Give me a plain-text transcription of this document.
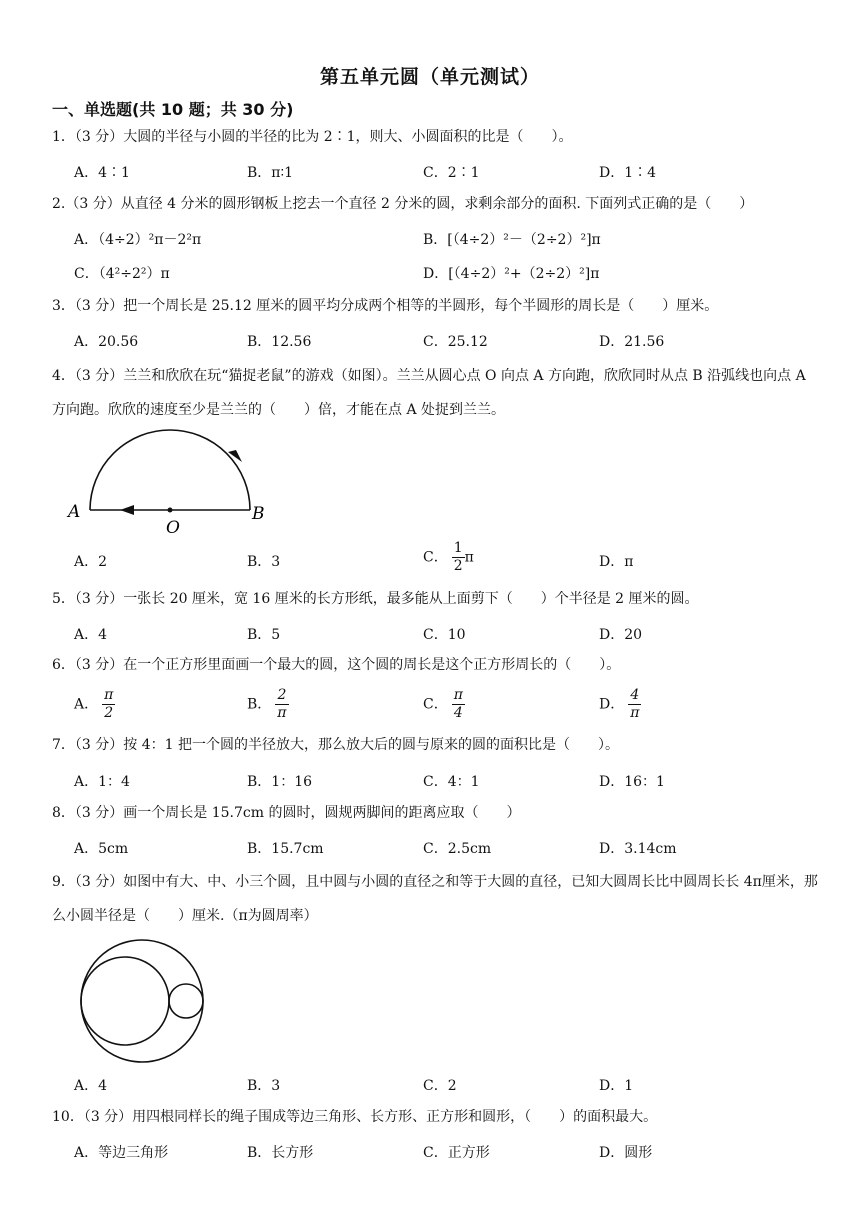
第五单元圆（单元测试）
一、单选题(共 10 题；共 30 分)
1．（3 分）大圆的半径与小圆的半径的比为 2∶1，则大、小圆面积的比是（　　）。
A．4∶1	B．π∶1	C．2∶1	D．1∶4
2.（3 分）从直径 4 分米的圆形钢板上挖去一个直径 2 分米的圆，求剩余部分的面积. 下面列式正确的是（　　）
A．（4÷2）²π－2²π	B．[（4÷2）²－（2÷2）²]π
C．（4²÷2²）π	D．[（4÷2）²+（2÷2）²]π
3．（3 分）把一个周长是 25.12 厘米的圆平均分成两个相等的半圆形，每个半圆形的周长是（　　）厘米。
A．20.56	B．12.56	C．25.12	D．21.56
4．（3 分）兰兰和欣欣在玩“猫捉老鼠”的游戏（如图）。兰兰从圆心点 O 向点 A 方向跑，欣欣同时从点 B 沿弧线也向点 A 方向跑。欣欣的速度至少是兰兰的（　　）倍，才能在点 A 处捉到兰兰。
A
O
B
A．2	B．3	C． $\frac{1}{2}$ π	D．π
5．（3 分）一张长 20 厘米，宽 16 厘米的长方形纸，最多能从上面剪下（　　）个半径是 2 厘米的圆。
A．4	B．5	C．10	D．20
6．（3 分）在一个正方形里面画一个最大的圆，这个圆的周长是这个正方形周长的（　　）。
A． $\frac{\pi}{2}$	B． $\frac{2}{\pi}$	C． $\frac{\pi}{4}$	D． $\frac{4}{\pi}$
7．（3 分）按 4：1 把一个圆的半径放大，那么放大后的圆与原来的圆的面积比是（　　）。
A．1：4	B．1：16	C．4：1	D．16：1
8．（3 分）画一个周长是 15.7cm 的圆时，圆规两脚间的距离应取（　　）
A．5cm	B．15.7cm	C．2.5cm	D．3.14cm
9．（3 分）如图中有大、中、小三个圆，且中圆与小圆的直径之和等于大圆的直径，已知大圆周长比中圆周长长 4π厘米，那么小圆半径是（　　）厘米.（π为圆周率）
A．4	B．3	C．2	D．1
10．（3 分）用四根同样长的绳子围成等边三角形、长方形、正方形和圆形，（　　）的面积最大。
A．等边三角形	B．长方形	C．正方形	D．圆形
